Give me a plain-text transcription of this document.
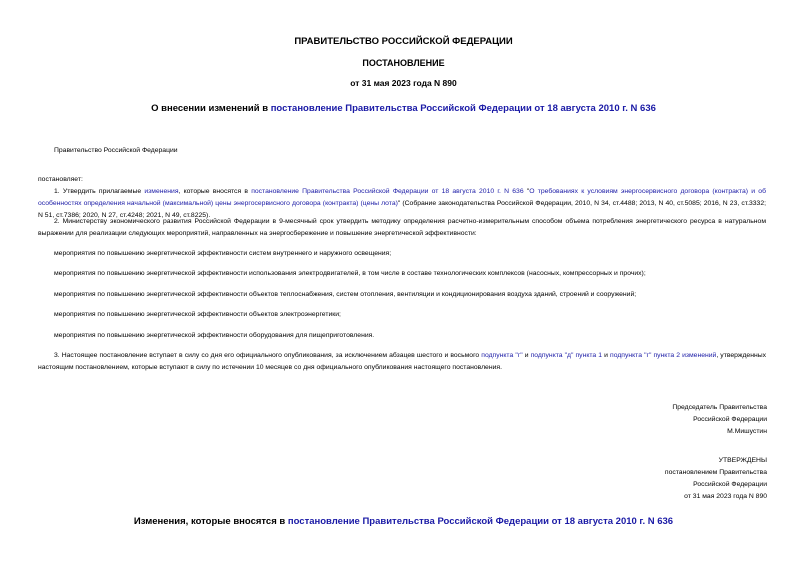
ПРАВИТЕЛЬСТВО РОССИЙСКОЙ ФЕДЕРАЦИИ
ПОСТАНОВЛЕНИЕ
от 31 мая 2023 года N 890
О внесении изменений в постановление Правительства Российской Федерации от 18 августа 2010 г. N 636
Правительство Российской Федерации
постановляет:
1. Утвердить прилагаемые изменения, которые вносятся в постановление Правительства Российской Федерации от 18 августа 2010 г. N 636 "О требованиях к условиям энергосервисного договора (контракта) и об особенностях определения начальной (максимальной) цены энергосервисного договора (контракта) (цены лота)" (Собрание законодательства Российской Федерации, 2010, N 34, ст.4488; 2013, N 40, ст.5085; 2016, N 23, ст.3332; N 51, ст.7386; 2020, N 27, ст.4248; 2021, N 49, ст.8225).
2. Министерству экономического развития Российской Федерации в 9-месячный срок утвердить методику определения расчетно-измерительным способом объема потребления энергетического ресурса в натуральном выражении для реализации следующих мероприятий, направленных на энергосбережение и повышение энергетической эффективности:
мероприятия по повышению энергетической эффективности систем внутреннего и наружного освещения;
мероприятия по повышению энергетической эффективности использования электродвигателей, в том числе в составе технологических комплексов (насосных, компрессорных и прочих);
мероприятия по повышению энергетической эффективности объектов теплоснабжения, систем отопления, вентиляции и кондиционирования воздуха зданий, строений и сооружений;
мероприятия по повышению энергетической эффективности объектов электроэнергетики;
мероприятия по повышению энергетической эффективности оборудования для пищеприготовления.
3. Настоящее постановление вступает в силу со дня его официального опубликования, за исключением абзацев шестого и восьмого подпункта "г" и подпункта "д" пункта 1 и подпункта "г" пункта 2 изменений, утвержденных настоящим постановлением, которые вступают в силу по истечении 10 месяцев со дня официального опубликования настоящего постановления.
Председатель Правительства
Российской Федерации
М.Мишустин
УТВЕРЖДЕНЫ
постановлением Правительства
Российской Федерации
от 31 мая 2023 года N 890
Изменения, которые вносятся в постановление Правительства Российской Федерации от 18 августа 2010 г. N 636
